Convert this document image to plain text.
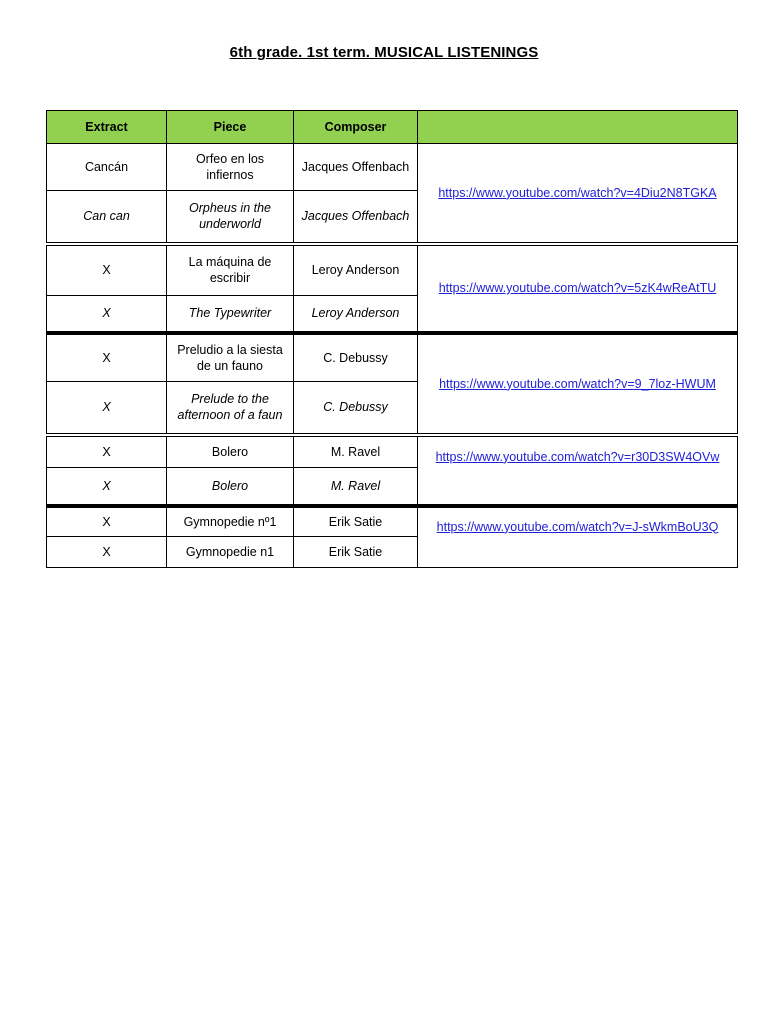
6th grade. 1st term. MUSICAL LISTENINGS
Extract	Piece	Composer	
Cancán	Orfeo en los infiernos	Jacques Offenbach	https://www.youtube.com/watch?v=4Diu2N8TGKA
Can can	Orpheus in the underworld	Jacques Offenbach	
X	La máquina de escribir	Leroy Anderson	https://www.youtube.com/watch?v=5zK4wReAtTU
X	The Typewriter	Leroy Anderson	
X	Preludio a la siesta de un fauno	C. Debussy	https://www.youtube.com/watch?v=9_7loz-HWUM
X	Prelude to the afternoon of a faun	C. Debussy	
X	Bolero	M. Ravel	https://www.youtube.com/watch?v=r30D3SW4OVw
X	Bolero	M. Ravel	
X	Gymnopedie nº1	Erik Satie	https://www.youtube.com/watch?v=J-sWkmBoU3Q
X	Gymnopedie n1	Erik Satie	
